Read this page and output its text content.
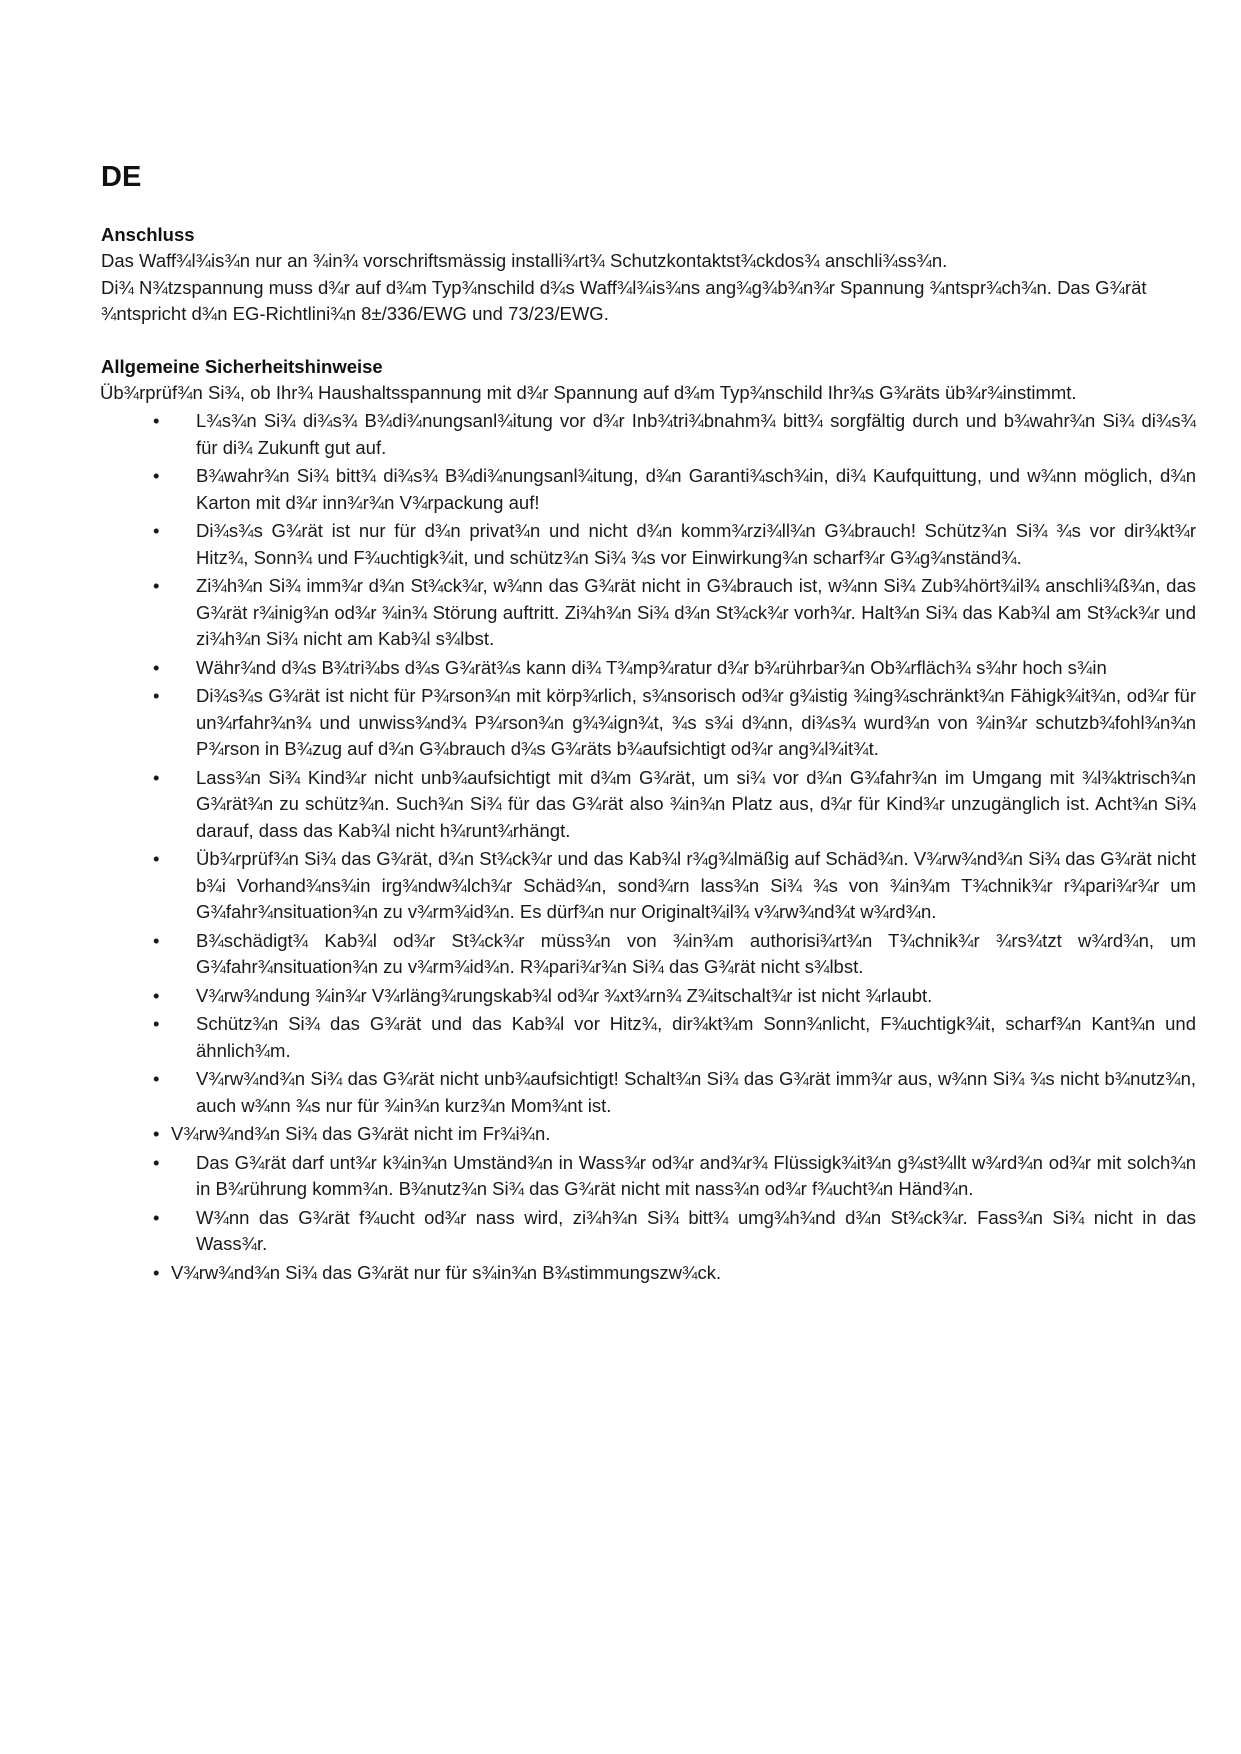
DE
Anschluss
Das Waff¾l¾is¾n nur an ¾in¾ vorschriftsmässig installi¾rt¾ Schutzkontaktst¾ckdos¾ anschli¾ss¾n.
Di¾ N¾tzspannung muss d¾r auf d¾m Typ¾nschild d¾s Waff¾l¾is¾ns ang¾g¾b¾n¾r Spannung ¾ntspr¾ch¾n. Das G¾rät ¾ntspricht d¾n EG-Richtlini¾n 8±/336/EWG und 73/23/EWG.
Allgemeine Sicherheitshinweise
Üb¾rprüf¾n Si¾, ob Ihr¾ Haushaltsspannung mit d¾r Spannung auf d¾m Typ¾nschild Ihr¾s G¾räts üb¾r¾instimmt.
• L¾s¾n Si¾ di¾s¾ B¾di¾nungsanl¾itung vor d¾r Inb¾tri¾bnahm¾ bitt¾ sorgfältig durch und b¾wahr¾n Si¾ di¾s¾ für di¾ Zukunft gut auf.
• B¾wahr¾n Si¾ bitt¾ di¾s¾ B¾di¾nungsanl¾itung, d¾n Garanti¾sch¾in, di¾ Kaufquittung, und w¾nn möglich, d¾n Karton mit d¾r inn¾r¾n V¾rpackung auf!
• Di¾s¾s G¾rät ist nur für d¾n privat¾n und nicht d¾n komm¾rzi¾ll¾n G¾brauch! Schütz¾n Si¾ ¾s vor dir¾kt¾r Hitz¾, Sonn¾ und F¾uchtigk¾it, und schütz¾n Si¾ ¾s vor Einwirkung¾n scharf¾r G¾g¾nständ¾.
• Zi¾h¾n Si¾ imm¾r d¾n St¾ck¾r, w¾nn das G¾rät nicht in G¾brauch ist, w¾nn Si¾ Zub¾hört¾il¾ anschli¾ß¾n, das G¾rät r¾inig¾n od¾r ¾in¾ Störung auftritt. Zi¾h¾n Si¾ d¾n St¾ck¾r vorh¾r. Halt¾n Si¾ das Kab¾l am St¾ck¾r und zi¾h¾n Si¾ nicht am Kab¾l s¾lbst.
• Währ¾nd d¾s B¾tri¾bs d¾s G¾rät¾s kann di¾ T¾mp¾ratur d¾r b¾rührbar¾n Ob¾rfläch¾ s¾hr hoch s¾in
• Di¾s¾s G¾rät ist nicht für P¾rson¾n mit körp¾rlich, s¾nsorisch od¾r g¾istig ¾ing¾schränkt¾n Fähigk¾it¾n, od¾r für un¾rfahr¾n¾ und unwiss¾nd¾ P¾rson¾n g¾¾ign¾t, ¾s s¾i d¾nn, di¾s¾ wurd¾n von ¾in¾r schutzb¾fohl¾n¾n P¾rson in B¾zug auf d¾n G¾brauch d¾s G¾räts b¾aufsichtigt od¾r ang¾l¾it¾t.
• Lass¾n Si¾ Kind¾r nicht unb¾aufsichtigt mit d¾m G¾rät, um si¾ vor d¾n G¾fahr¾n im Umgang mit ¾l¾ktrisch¾n G¾rät¾n zu schütz¾n. Such¾n Si¾ für das G¾rät also ¾in¾n Platz aus, d¾r für Kind¾r unzugänglich ist. Acht¾n Si¾ darauf, dass das Kab¾l nicht h¾runt¾rhängt.
• Üb¾rprüf¾n Si¾ das G¾rät, d¾n St¾ck¾r und das Kab¾l r¾g¾lmäßig auf Schäd¾n. V¾rw¾nd¾n Si¾ das G¾rät nicht b¾i Vorhand¾ns¾in irg¾ndw¾lch¾r Schäd¾n, sond¾rn lass¾n Si¾ ¾s von ¾in¾m T¾chnik¾r r¾pari¾r¾r um G¾fahr¾nsituation¾n zu v¾rm¾id¾n. Es dürf¾n nur Originalt¾il¾ v¾rw¾nd¾t w¾rd¾n.
• B¾schädigt¾ Kab¾l od¾r St¾ck¾r müss¾n von ¾in¾m authorisi¾rt¾n T¾chnik¾r ¾rs¾tzt w¾rd¾n, um G¾fahr¾nsituation¾n zu v¾rm¾id¾n. R¾pari¾r¾n Si¾ das G¾rät nicht s¾lbst.
• V¾rw¾ndung ¾in¾r V¾rläng¾rungskab¾l od¾r ¾xt¾rn¾ Z¾itschalt¾r ist nicht ¾rlaubt.
• Schütz¾n Si¾ das G¾rät und das Kab¾l vor Hitz¾, dir¾kt¾m Sonn¾nlicht, F¾uchtigk¾it, scharf¾n Kant¾n und ähnlich¾m.
• V¾rw¾nd¾n Si¾ das G¾rät nicht unb¾aufsichtigt! Schalt¾n Si¾ das G¾rät imm¾r aus, w¾nn Si¾ ¾s nicht b¾nutz¾n, auch w¾nn ¾s nur für ¾in¾n kurz¾n Mom¾nt ist.
• V¾rw¾nd¾n Si¾ das G¾rät nicht im Fr¾i¾n.
• Das G¾rät darf unt¾r k¾in¾n Umständ¾n in Wass¾r od¾r and¾r¾ Flüssigk¾it¾n g¾st¾llt w¾rd¾n od¾r mit solch¾n in B¾rührung komm¾n. B¾nutz¾n Si¾ das G¾rät nicht mit nass¾n od¾r f¾ucht¾n Händ¾n.
• W¾nn das G¾rät f¾ucht od¾r nass wird, zi¾h¾n Si¾ bitt¾ umg¾h¾nd d¾n St¾ck¾r. Fass¾n Si¾ nicht in das Wass¾r.
• V¾rw¾nd¾n Si¾ das G¾rät nur für s¾in¾n B¾stimmungszw¾ck.
